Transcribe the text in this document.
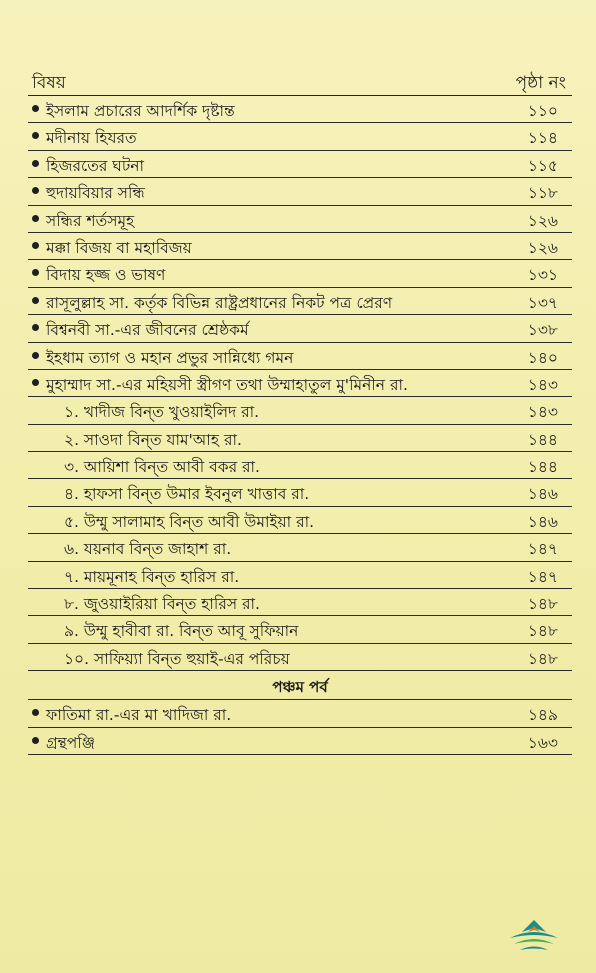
বিষয়	পৃষ্ঠা নং
ইসলাম প্রচারের আদর্শিক দৃষ্টান্ত	১১০
মদীনায় হিযরত	১১৪
হিজরতের ঘটনা	১১৫
হুদায়বিয়ার সন্ধি	১১৮
সন্ধির শর্তসমূহ	১২৬
মক্কা বিজয় বা মহাবিজয়	১২৬
বিদায় হজ্জ ও ভাষণ	১৩১
রাসূলুল্লাহ সা. কর্তৃক বিভিন্ন রাষ্ট্রপ্রধানের নিকট পত্র প্রেরণ	১৩৭
বিশ্বনবী সা.-এর জীবনের শ্রেষ্ঠকর্ম	১৩৮
ইহধাম ত্যাগ ও মহান প্রভুর সান্নিধ্যে গমন	১৪০
মুহাম্মাদ সা.-এর মহিয়সী স্ত্রীগণ তথা উম্মাহাতুল মু'মিনীন রা.	১৪৩
১. খাদীজ বিন্‌ত খুওয়াইলিদ রা.	১৪৩
২. সাওদা বিন্‌ত যাম'আহ রা.	১৪৪
৩. আয়িশা বিন্‌ত আবী বকর রা.	১৪৪
৪. হাফসা বিন্‌ত উমার ইবনুল খাত্তাব রা.	১৪৬
৫. উম্মু সালামাহ বিন্‌ত আবী উমাইয়া রা.	১৪৬
৬. যয়নাব বিন্‌ত জাহাশ রা.	১৪৭
৭. মায়মূনাহ বিন্‌ত হারিস রা.	১৪৭
৮. জুওয়াইরিয়া বিন্‌ত হারিস রা.	১৪৮
৯. উম্মু হাবীবা রা. বিন্‌ত আবূ সুফিয়ান	১৪৮
১০. সাফিয়্যা বিন্‌ত হুয়াই-এর পরিচয়	১৪৮
পঞ্চম পর্ব
ফাতিমা রা.-এর মা খাদিজা রা.	১৪৯
গ্রন্থপঞ্জি	১৬৩
